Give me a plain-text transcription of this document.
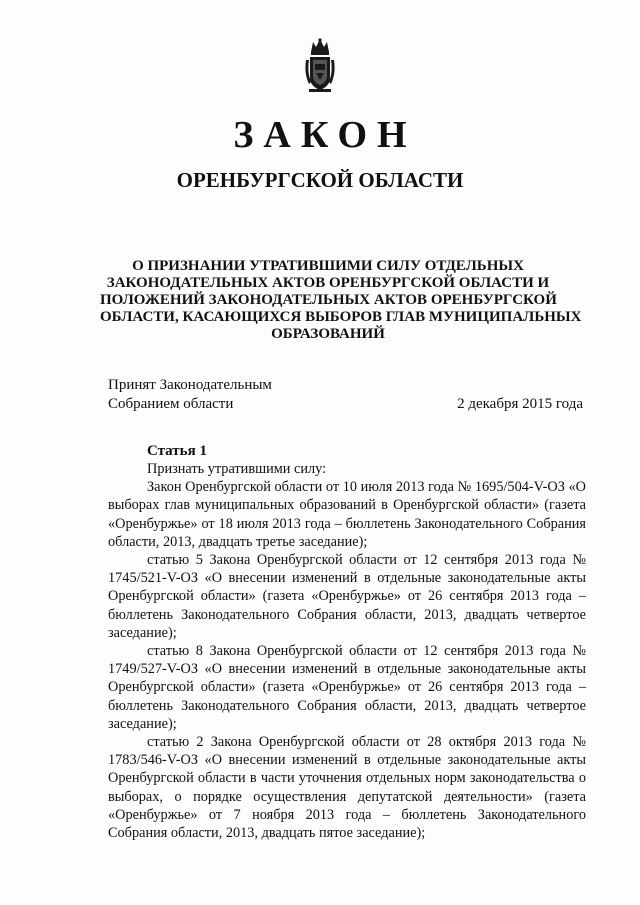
ЗАКОН
ОРЕНБУРГСКОЙ ОБЛАСТИ
О ПРИЗНАНИИ УТРАТИВШИМИ СИЛУ ОТДЕЛЬНЫХ
ЗАКОНОДАТЕЛЬНЫХ АКТОВ ОРЕНБУРГСКОЙ ОБЛАСТИ И
ПОЛОЖЕНИЙ ЗАКОНОДАТЕЛЬНЫХ АКТОВ ОРЕНБУРГСКОЙ
ОБЛАСТИ, КАСАЮЩИХСЯ ВЫБОРОВ ГЛАВ МУНИЦИПАЛЬНЫХ
ОБРАЗОВАНИЙ
Принят Законодательным
Собранием области	2 декабря 2015 года
Статья 1

Признать утратившими силу:

Закон Оренбургской области от 10 июля 2013 года № 1695/504-V-ОЗ «О выборах глав муниципальных образований в Оренбургской области» (газета «Оренбуржье» от 18 июля 2013 года – бюллетень Законодательного Собрания области, 2013, двадцать третье заседание);

статью 5 Закона Оренбургской области от 12 сентября 2013 года № 1745/521-V-ОЗ «О внесении изменений в отдельные законодательные акты Оренбургской области» (газета «Оренбуржье» от 26 сентября 2013 года – бюллетень Законодательного Собрания области, 2013, двадцать четвертое заседание);

статью 8 Закона Оренбургской области от 12 сентября 2013 года № 1749/527-V-ОЗ «О внесении изменений в отдельные законодательные акты Оренбургской области» (газета «Оренбуржье» от 26 сентября 2013 года – бюллетень Законодательного Собрания области, 2013, двадцать четвертое заседание);

статью 2 Закона Оренбургской области от 28 октября 2013 года № 1783/546-V-ОЗ «О внесении изменений в отдельные законодательные акты Оренбургской области в части уточнения отдельных норм законодательства о выборах, о порядке осуществления депутатской деятельности» (газета «Оренбуржье» от 7 ноября 2013 года – бюллетень Законодательного Собрания области, 2013, двадцать пятое заседание);
